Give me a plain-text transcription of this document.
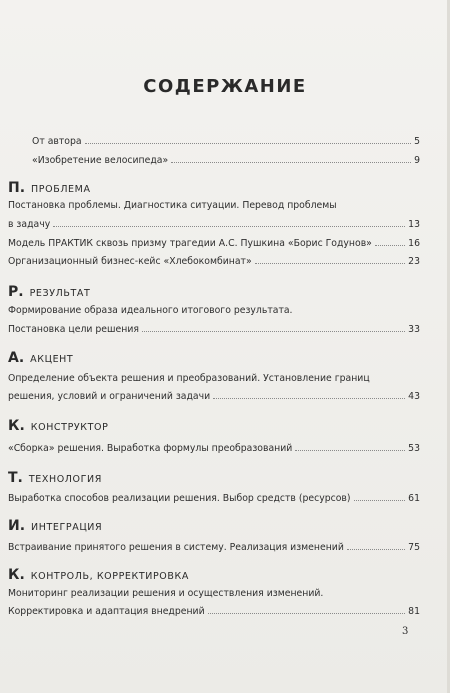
СОДЕРЖАНИЕ
От автора	5
«Изобретение велосипеда»	9
П. ПРОБЛЕМА
Постановка проблемы. Диагностика ситуации. Перевод проблемы
в задачу	13
Модель ПРАКТИК сквозь призму трагедии А.С. Пушкина «Борис Годунов»	16
Организационный бизнес-кейс «Хлебокомбинат»	23
Р. РЕЗУЛЬТАТ
Формирование образа идеального итогового результата.
Постановка цели решения	33
А. АКЦЕНТ
Определение объекта решения и преобразований. Установление границ
решения, условий и ограничений задачи	43
К. КОНСТРУКТОР
«Сборка» решения. Выработка формулы преобразований	53
Т. ТЕХНОЛОГИЯ
Выработка способов реализации решения. Выбор средств (ресурсов)	61
И. ИНТЕГРАЦИЯ
Встраивание принятого решения в систему. Реализация изменений	75
К. КОНТРОЛЬ, КОРРЕКТИРОВКА
Мониторинг реализации решения и осуществления изменений.
Корректировка и адаптация внедрений	81
3
